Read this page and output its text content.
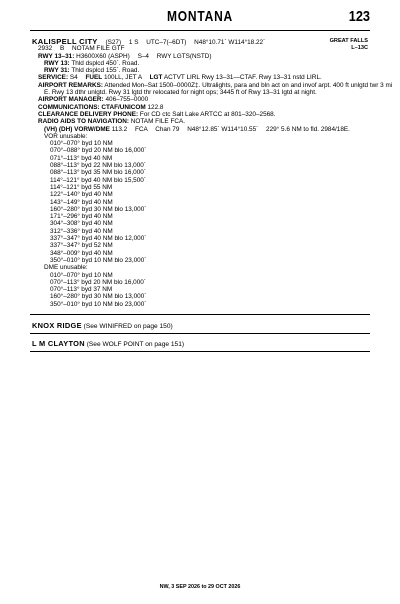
MONTANA	123
KALISPELL CITY (S27) 1 S UTC–7(–6DT) N48°10.71´ W114°18.22´	GREAT FALLS
2932 B NOTAM FILE GTF	L–13C
RWY 13–31: H3600X60 (ASPH) S–4 RWY LGTS(NSTD)
RWY 13: Thld dsplcd 450´. Road.
RWY 31: Thld dsplcd 155´. Road.
SERVICE: S4 FUEL 100LL, JET A LGT ACTVT LIRL Rwy 13–31—CTAF. Rwy 13–31 nstd LIRL.
AIRPORT REMARKS: Attended Mon–Sat 1500–0000Z‡. Ultralights, para and bln act on and invof arpt. 400 ft unlgtd twr 3 mi
E. Rwy 13 dthr unlgtd. Rwy 31 lgtd thr relocated for night ops; 3445 ft of Rwy 13–31 lgtd at night.
AIRPORT MANAGER: 406–755–0000
COMMUNICATIONS: CTAF/UNICOM 122.8
CLEARANCE DELIVERY PHONE: For CD ctc Salt Lake ARTCC at 801–320–2568.
RADIO AIDS TO NAVIGATION: NOTAM FILE FCA.
(VH) (DH) VORW/DME 113.2 FCA Chan 79 N48°12.85´ W114°10.55´ 229° 5.6 NM to fld. 2984/18E.
VOR unusable:
010°–070° byd 10 NM
070°–088° byd 20 NM blo 16,000´
071°–113° byd 40 NM
088°–113° byd 22 NM blo 13,000´
088°–113° byd 35 NM blo 16,000´
114°–121° byd 40 NM blo 15,500´
114°–121° byd 55 NM
122°–140° byd 40 NM
143°–149° byd 40 NM
160°–280° byd 30 NM blo 13,000´
171°–296° byd 40 NM
304°–308° byd 40 NM
312°–336° byd 40 NM
337°–347° byd 40 NM blo 12,000´
337°–347° byd 52 NM
348°–009° byd 40 NM
350°–010° byd 10 NM blo 23,000´
DME unusable:
010°–070° byd 10 NM
070°–113° byd 20 NM blo 16,000´
070°–113° byd 37 NM
160°–280° byd 30 NM blo 13,000´
350°–010° byd 10 NM blo 23,000´
KNOX RIDGE (See WINIFRED on page 150)
L M CLAYTON (See WOLF POINT on page 151)
NW, 3 SEP 2026 to 29 OCT 2026
